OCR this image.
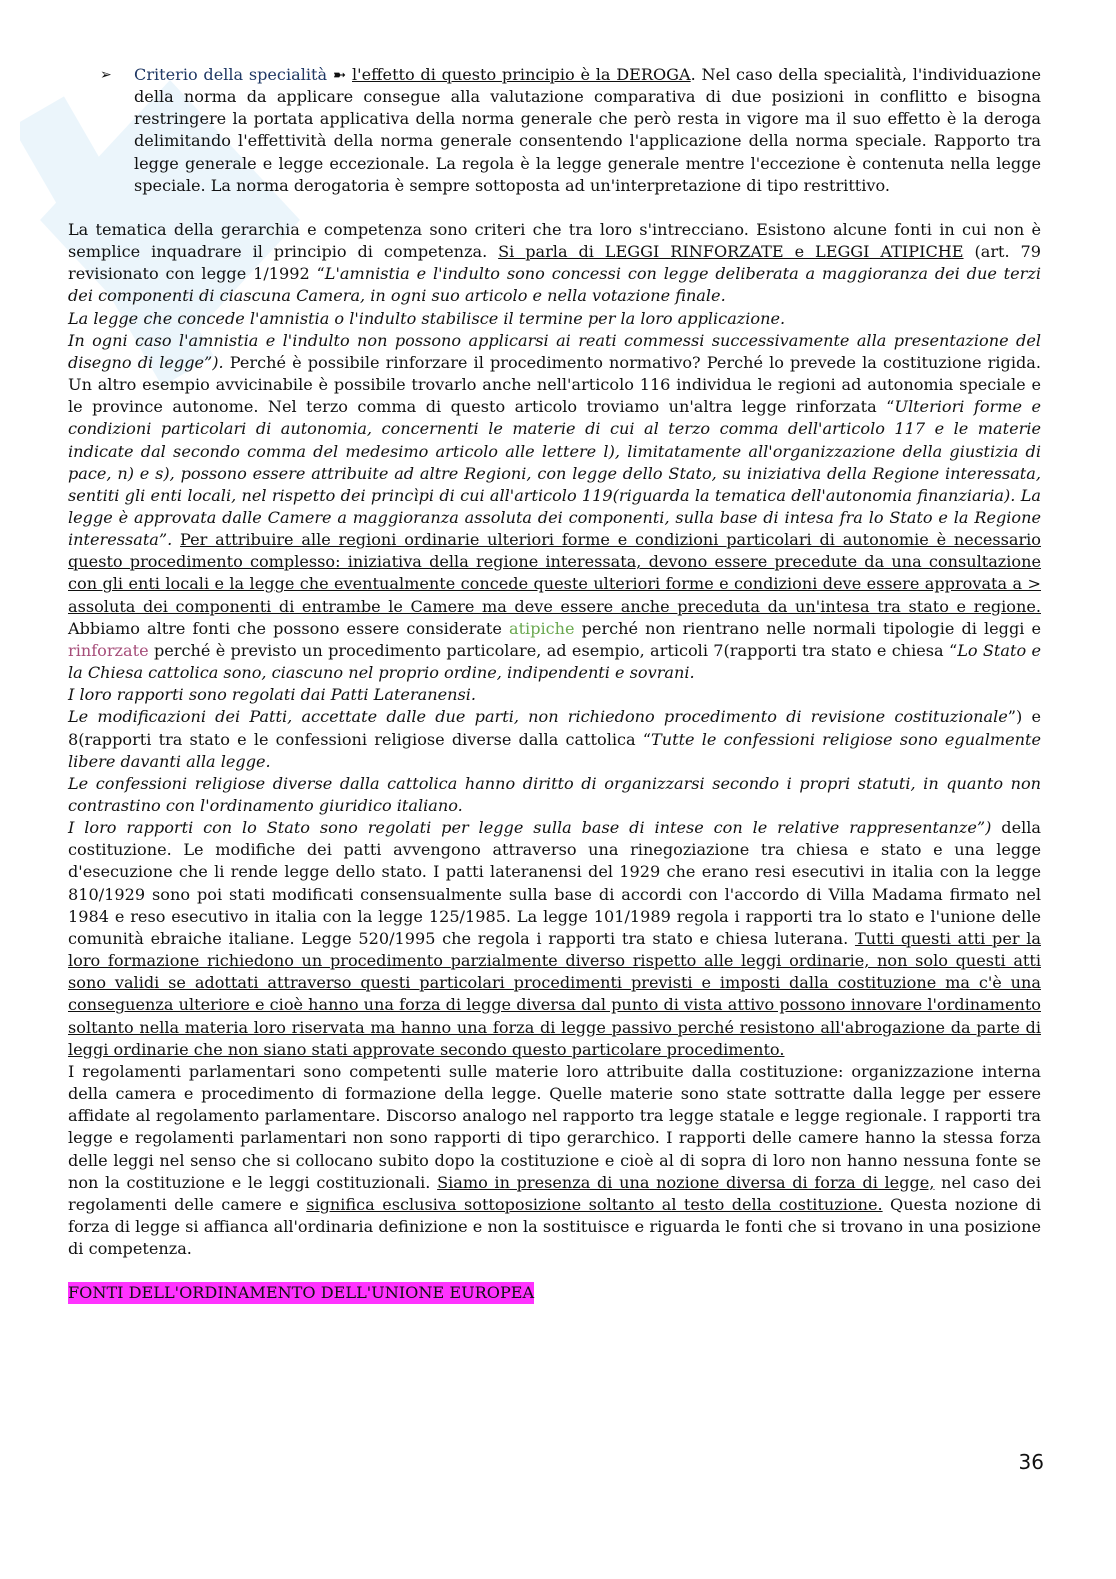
➢ Criterio della specialità ➼ l'effetto di questo principio è la DEROGA. Nel caso della specialità, l'individuazione della norma da applicare consegue alla valutazione comparativa di due posizioni in conflitto e bisogna restringere la portata applicativa della norma generale che però resta in vigore ma il suo effetto è la deroga delimitando l'effettività della norma generale consentendo l'applicazione della norma speciale. Rapporto tra legge generale e legge eccezionale. La regola è la legge generale mentre l'eccezione è contenuta nella legge speciale. La norma derogatoria è sempre sottoposta ad un'interpretazione di tipo restrittivo.

La tematica della gerarchia e competenza sono criteri che tra loro s'intrecciano. Esistono alcune fonti in cui non è semplice inquadrare il principio di competenza. Si parla di LEGGI RINFORZATE e LEGGI ATIPICHE (art. 79 revisionato con legge 1/1992 “L'amnistia e l'indulto sono concessi con legge deliberata a maggioranza dei due terzi dei componenti di ciascuna Camera, in ogni suo articolo e nella votazione finale.
La legge che concede l'amnistia o l'indulto stabilisce il termine per la loro applicazione.
In ogni caso l'amnistia e l'indulto non possono applicarsi ai reati commessi successivamente alla presentazione del disegno di legge”). Perché è possibile rinforzare il procedimento normativo? Perché lo prevede la costituzione rigida. Un altro esempio avvicinabile è possibile trovarlo anche nell'articolo 116 individua le regioni ad autonomia speciale e le province autonome. Nel terzo comma di questo articolo troviamo un'altra legge rinforzata “Ulteriori forme e condizioni particolari di autonomia, concernenti le materie di cui al terzo comma dell'articolo 117 e le materie indicate dal secondo comma del medesimo articolo alle lettere l), limitatamente all'organizzazione della giustizia di pace, n) e s), possono essere attribuite ad altre Regioni, con legge dello Stato, su iniziativa della Regione interessata, sentiti gli enti locali, nel rispetto dei princìpi di cui all'articolo 119(riguarda la tematica dell'autonomia finanziaria). La legge è approvata dalle Camere a maggioranza assoluta dei componenti, sulla base di intesa fra lo Stato e la Regione interessata”. Per attribuire alle regioni ordinarie ulteriori forme e condizioni particolari di autonomie è necessario questo procedimento complesso: iniziativa della regione interessata, devono essere precedute da una consultazione con gli enti locali e la legge che eventualmente concede queste ulteriori forme e condizioni deve essere approvata a > assoluta dei componenti di entrambe le Camere ma deve essere anche preceduta da un'intesa tra stato e regione. Abbiamo altre fonti che possono essere considerate atipiche perché non rientrano nelle normali tipologie di leggi e rinforzate perché è previsto un procedimento particolare, ad esempio, articoli 7(rapporti tra stato e chiesa “Lo Stato e la Chiesa cattolica sono, ciascuno nel proprio ordine, indipendenti e sovrani.
I loro rapporti sono regolati dai Patti Lateranensi.
Le modificazioni dei Patti, accettate dalle due parti, non richiedono procedimento di revisione costituzionale”) e 8(rapporti tra stato e le confessioni religiose diverse dalla cattolica “Tutte le confessioni religiose sono egualmente libere davanti alla legge.
Le confessioni religiose diverse dalla cattolica hanno diritto di organizzarsi secondo i propri statuti, in quanto non contrastino con l'ordinamento giuridico italiano.
I loro rapporti con lo Stato sono regolati per legge sulla base di intese con le relative rappresentanze”) della costituzione. Le modifiche dei patti avvengono attraverso una rinegoziazione tra chiesa e stato e una legge d'esecuzione che li rende legge dello stato. I patti lateranensi del 1929 che erano resi esecutivi in italia con la legge 810/1929 sono poi stati modificati consensualmente sulla base di accordi con l'accordo di Villa Madama firmato nel 1984 e reso esecutivo in italia con la legge 125/1985. La legge 101/1989 regola i rapporti tra lo stato e l'unione delle comunità ebraiche italiane. Legge 520/1995 che regola i rapporti tra stato e chiesa luterana. Tutti questi atti per la loro formazione richiedono un procedimento parzialmente diverso rispetto alle leggi ordinarie, non solo questi atti sono validi se adottati attraverso questi particolari procedimenti previsti e imposti dalla costituzione ma c'è una conseguenza ulteriore e cioè hanno una forza di legge diversa dal punto di vista attivo possono innovare l'ordinamento soltanto nella materia loro riservata ma hanno una forza di legge passivo perché resistono all'abrogazione da parte di leggi ordinarie che non siano stati approvate secondo questo particolare procedimento.

I regolamenti parlamentari sono competenti sulle materie loro attribuite dalla costituzione: organizzazione interna della camera e procedimento di formazione della legge. Quelle materie sono state sottratte dalla legge per essere affidate al regolamento parlamentare. Discorso analogo nel rapporto tra legge statale e legge regionale. I rapporti tra legge e regolamenti parlamentari non sono rapporti di tipo gerarchico. I rapporti delle camere hanno la stessa forza delle leggi nel senso che si collocano subito dopo la costituzione e cioè al di sopra di loro non hanno nessuna fonte se non la costituzione e le leggi costituzionali. Siamo in presenza di una nozione diversa di forza di legge, nel caso dei regolamenti delle camere e significa esclusiva sottoposizione soltanto al testo della costituzione. Questa nozione di forza di legge si affianca all'ordinaria definizione e non la sostituisce e riguarda le fonti che si trovano in una posizione di competenza.

FONTI DELL'ORDINAMENTO DELL'UNIONE EUROPEA
36
